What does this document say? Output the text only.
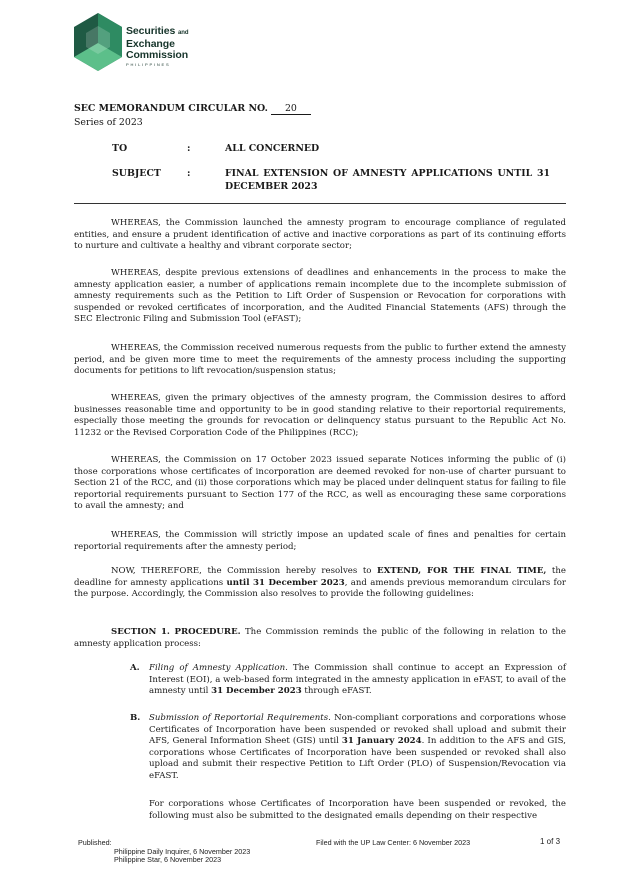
Securities and
Exchange
Commission
PHILIPPINES
SEC MEMORANDUM CIRCULAR NO. 20
Series of 2023
TO	:	ALL CONCERNED
SUBJECT	:	FINAL EXTENSION OF AMNESTY APPLICATIONS UNTIL 31 DECEMBER 2023

WHEREAS, the Commission launched the amnesty program to encourage compliance of regulated entities, and ensure a prudent identification of active and inactive corporations as part of its continuing efforts to nurture and cultivate a healthy and vibrant corporate sector;

WHEREAS, despite previous extensions of deadlines and enhancements in the process to make the amnesty application easier, a number of applications remain incomplete due to the incomplete submission of amnesty requirements such as the Petition to Lift Order of Suspension or Revocation for corporations with suspended or revoked certificates of incorporation, and the Audited Financial Statements (AFS) through the SEC Electronic Filing and Submission Tool (eFAST);

WHEREAS, the Commission received numerous requests from the public to further extend the amnesty period, and be given more time to meet the requirements of the amnesty process including the supporting documents for petitions to lift revocation/suspension status;

WHEREAS, given the primary objectives of the amnesty program, the Commission desires to afford businesses reasonable time and opportunity to be in good standing relative to their reportorial requirements, especially those meeting the grounds for revocation or delinquency status pursuant to the Republic Act No. 11232 or the Revised Corporation Code of the Philippines (RCC);

WHEREAS, the Commission on 17 October 2023 issued separate Notices informing the public of (i) those corporations whose certificates of incorporation are deemed revoked for non-use of charter pursuant to Section 21 of the RCC, and (ii) those corporations which may be placed under delinquent status for failing to file reportorial requirements pursuant to Section 177 of the RCC, as well as encouraging these same corporations to avail the amnesty; and

WHEREAS, the Commission will strictly impose an updated scale of fines and penalties for certain reportorial requirements after the amnesty period;

NOW, THEREFORE, the Commission hereby resolves to EXTEND, FOR THE FINAL TIME, the deadline for amnesty applications until 31 December 2023, and amends previous memorandum circulars for the purpose. Accordingly, the Commission also resolves to provide the following guidelines:

SECTION 1. PROCEDURE. The Commission reminds the public of the following in relation to the amnesty application process:

A. Filing of Amnesty Application. The Commission shall continue to accept an Expression of Interest (EOI), a web-based form integrated in the amnesty application in eFAST, to avail of the amnesty until 31 December 2023 through eFAST.

B. Submission of Reportorial Requirements. Non-compliant corporations and corporations whose Certificates of Incorporation have been suspended or revoked shall upload and submit their AFS, General Information Sheet (GIS) until 31 January 2024. In addition to the AFS and GIS, corporations whose Certificates of Incorporation have been suspended or revoked shall also upload and submit their respective Petition to Lift Order (PLO) of Suspension/Revocation via eFAST.

For corporations whose Certificates of Incorporation have been suspended or revoked, the following must also be submitted to the designated emails depending on their respective

Published:
Philippine Daily Inquirer, 6 November 2023
Philippine Star, 6 November 2023
Filed with the UP Law Center: 6 November 2023	1 of 3
